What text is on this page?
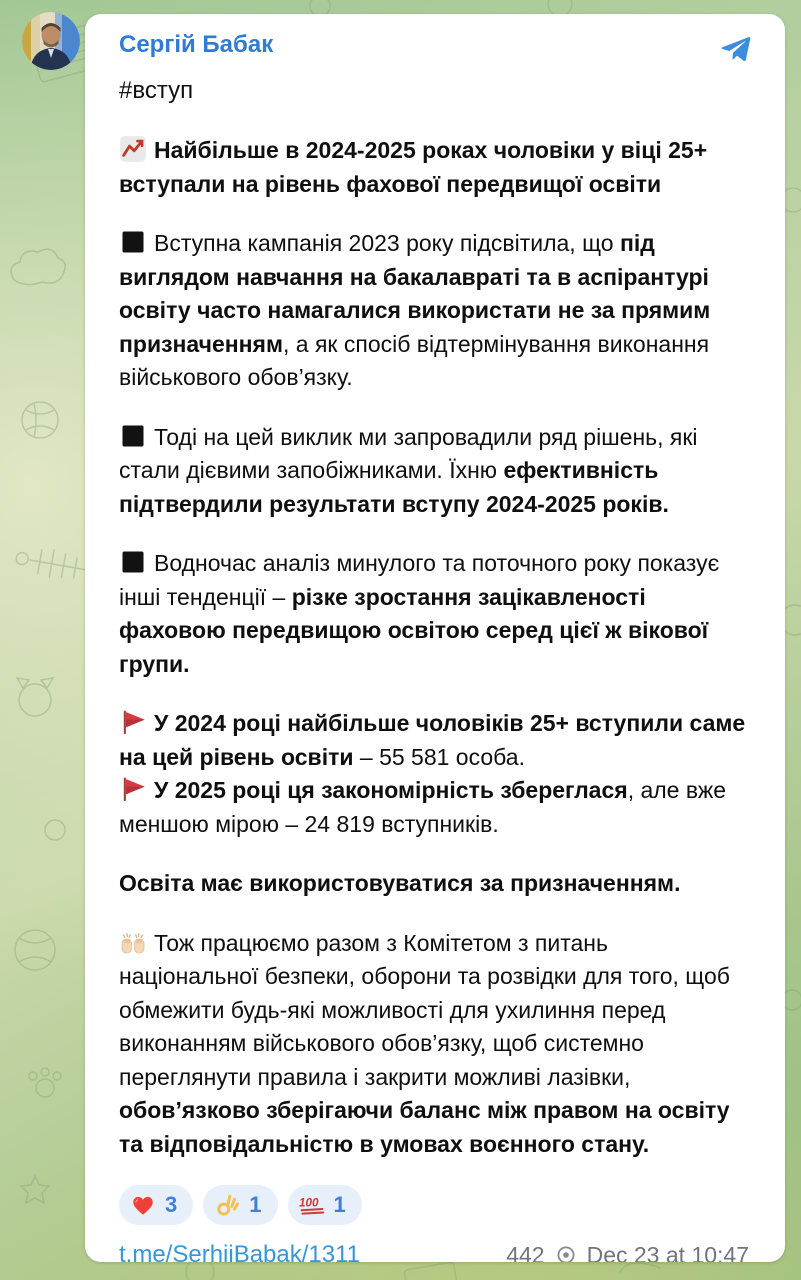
Сергій Бабак
#вступ

Найбільше в 2024-2025 роках чоловіки у віці 25+ вступали на рівень фахової передвищої освіти

Вступна кампанія 2023 року підсвітила, що під виглядом навчання на бакалавраті та в аспірантурі освіту часто намагалися використати не за прямим призначенням, а як спосіб відтермінування виконання військового обов’язку.

Тоді на цей виклик ми запровадили ряд рішень, які стали дієвими запобіжниками. Їхню ефективність підтвердили результати вступу 2024-2025 років.

Водночас аналіз минулого та поточного року показує інші тенденції – різке зростання зацікавленості фаховою передвищою освітою серед цієї ж вікової групи.

У 2024 році найбільше чоловіків 25+ вступили саме на цей рівень освіти – 55 581 особа.

У 2025 році ця закономірність збереглася, але вже меншою мірою – 24 819 вступників.

Освіта має використовуватися за призначенням.

Тож працюємо разом з Комітетом з питань національної безпеки, оборони та розвідки для того, щоб обмежити будь-які можливості для ухилиння перед виконанням військового обов’язку, щоб системно переглянути правила і закрити можливі лазівки, обов’язково зберігаючи баланс між правом на освіту та відповідальністю в умовах воєнного стану.

3	1	100 1
t.me/SerhiiBabak/1311	442 Dec 23 at 10:47
